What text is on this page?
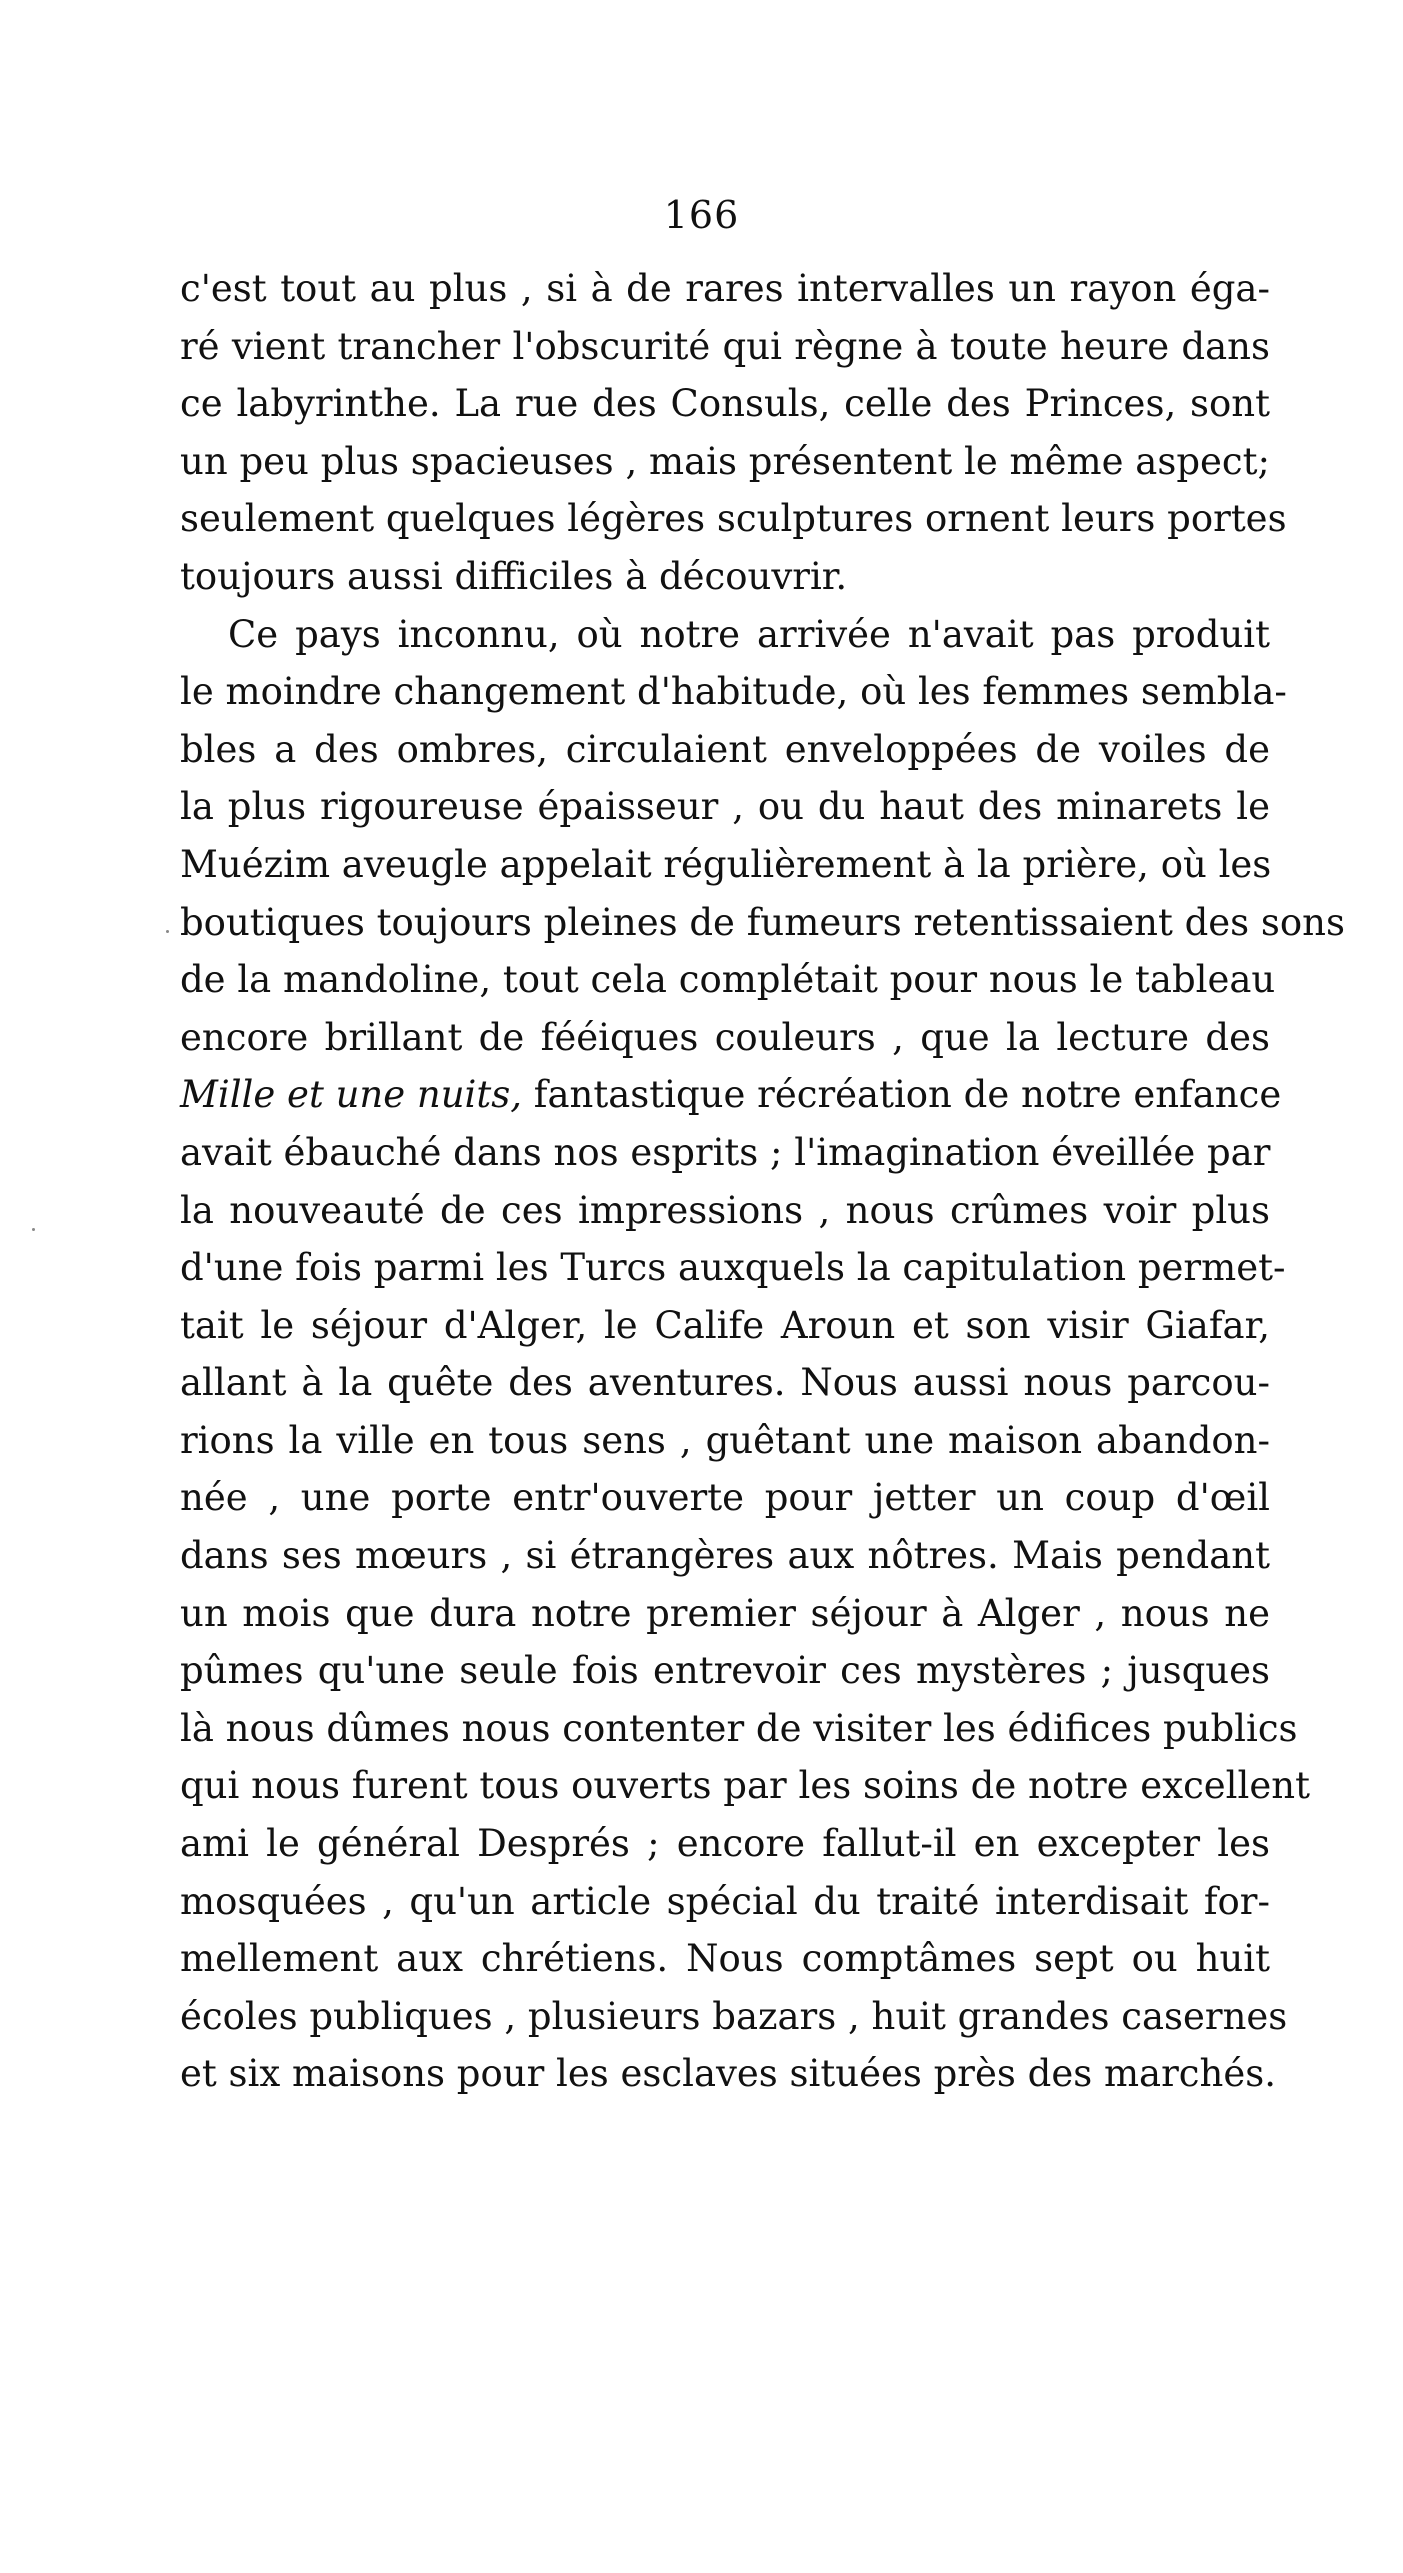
166
c'est tout au plus , si à de rares intervalles un rayon éga-
ré vient trancher l'obscurité qui règne à toute heure dans
ce labyrinthe. La rue des Consuls, celle des Princes, sont
un peu plus spacieuses , mais présentent le même aspect;
seulement quelques légères sculptures ornent leurs portes
toujours aussi difficiles à découvrir.
Ce pays inconnu, où notre arrivée n'avait pas produit
le moindre changement d'habitude, où les femmes sembla-
bles a des ombres, circulaient enveloppées de voiles de
la plus rigoureuse épaisseur , ou du haut des minarets le
Muézim aveugle appelait régulièrement à la prière, où les
boutiques toujours pleines de fumeurs retentissaient des sons
de la mandoline, tout cela complétait pour nous le tableau
encore brillant de fééiques couleurs , que la lecture des
Mille et une nuits, fantastique récréation de notre enfance
avait ébauché dans nos esprits ; l'imagination éveillée par
la nouveauté de ces impressions , nous crûmes voir plus
d'une fois parmi les Turcs auxquels la capitulation permet-
tait le séjour d'Alger, le Calife Aroun et son visir Giafar,
allant à la quête des aventures. Nous aussi nous parcou-
rions la ville en tous sens , guêtant une maison abandon-
née , une porte entr'ouverte pour jetter un coup d'œil
dans ses mœurs , si étrangères aux nôtres. Mais pendant
un mois que dura notre premier séjour à Alger , nous ne
pûmes qu'une seule fois entrevoir ces mystères ; jusques
là nous dûmes nous contenter de visiter les édifices publics
qui nous furent tous ouverts par les soins de notre excellent
ami le général Després ; encore fallut-il en excepter les
mosquées , qu'un article spécial du traité interdisait for-
mellement aux chrétiens. Nous comptâmes sept ou huit
écoles publiques , plusieurs bazars , huit grandes casernes
et six maisons pour les esclaves situées près des marchés.
